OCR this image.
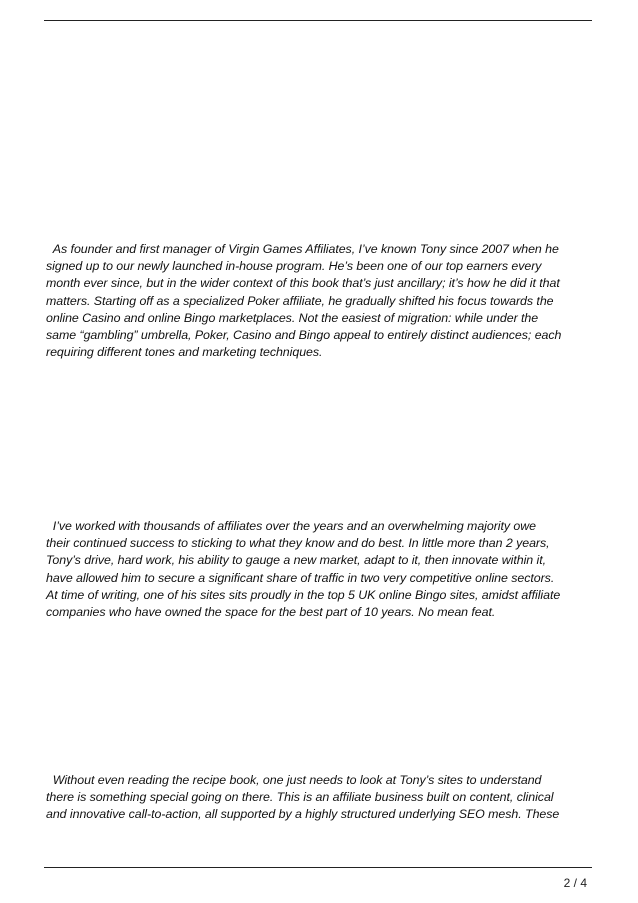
As founder and first manager of Virgin Games Affiliates, I’ve known Tony since 2007 when he
signed up to our newly launched in-house program. He’s been one of our top earners every
month ever since, but in the wider context of this book that’s just ancillary; it’s how he did it that
matters. Starting off as a specialized Poker affiliate, he gradually shifted his focus towards the
online Casino and online Bingo marketplaces. Not the easiest of migration: while under the
same “gambling” umbrella, Poker, Casino and Bingo appeal to entirely distinct audiences; each
requiring different tones and marketing techniques.

I’ve worked with thousands of affiliates over the years and an overwhelming majority owe
their continued success to sticking to what they know and do best. In little more than 2 years,
Tony’s drive, hard work, his ability to gauge a new market, adapt to it, then innovate within it,
have allowed him to secure a significant share of traffic in two very competitive online sectors.
At time of writing, one of his sites sits proudly in the top 5 UK online Bingo sites, amidst affiliate
companies who have owned the space for the best part of 10 years. No mean feat.

Without even reading the recipe book, one just needs to look at Tony’s sites to understand
there is something special going on there. This is an affiliate business built on content, clinical
and innovative call-to-action, all supported by a highly structured underlying SEO mesh. These

2 / 4
